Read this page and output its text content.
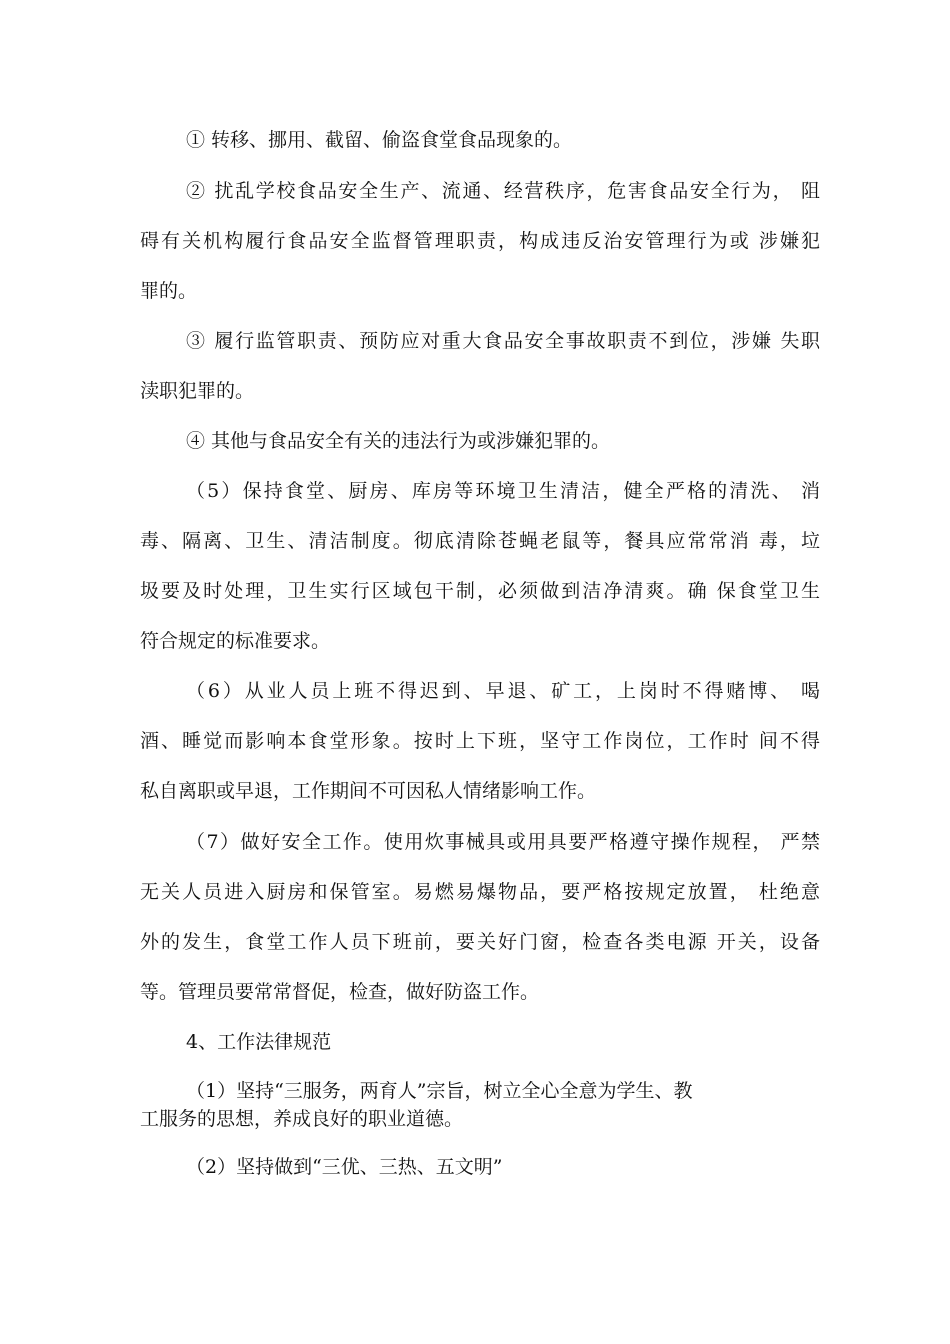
① 转移、挪用、截留、偷盗食堂食品现象的。
② 扰乱学校食品安全生产、流通、经营秩序，危害食品安全行为， 阻
碍有关机构履行食品安全监督管理职责，构成违反治安管理行为或 涉嫌犯
罪的。
③ 履行监管职责、预防应对重大食品安全事故职责不到位，涉嫌 失职
渎职犯罪的。
④ 其他与食品安全有关的违法行为或涉嫌犯罪的。
（5）保持食堂、厨房、库房等环境卫生清洁，健全严格的清洗、 消
毒、隔离、卫生、清洁制度。彻底清除苍蝇老鼠等，餐具应常常消 毒，垃
圾要及时处理，卫生实行区域包干制，必须做到洁净清爽。确 保食堂卫生
符合规定的标准要求。
（6）从业人员上班不得迟到、早退、矿工，上岗时不得赌博、 喝
酒、睡觉而影响本食堂形象。按时上下班，坚守工作岗位，工作时 间不得
私自离职或早退，工作期间不可因私人情绪影响工作。
（7）做好安全工作。使用炊事械具或用具要严格遵守操作规程， 严禁
无关人员进入厨房和保管室。易燃易爆物品，要严格按规定放置， 杜绝意
外的发生，食堂工作人员下班前，要关好门窗，检查各类电源 开关，设备
等。管理员要常常督促，检查，做好防盗工作。
4、工作法律规范
（1）坚持“三服务，两育人”宗旨，树立全心全意为学生、教
工服务的思想，养成良好的职业道德。
（2）坚持做到“三优、三热、五文明”
